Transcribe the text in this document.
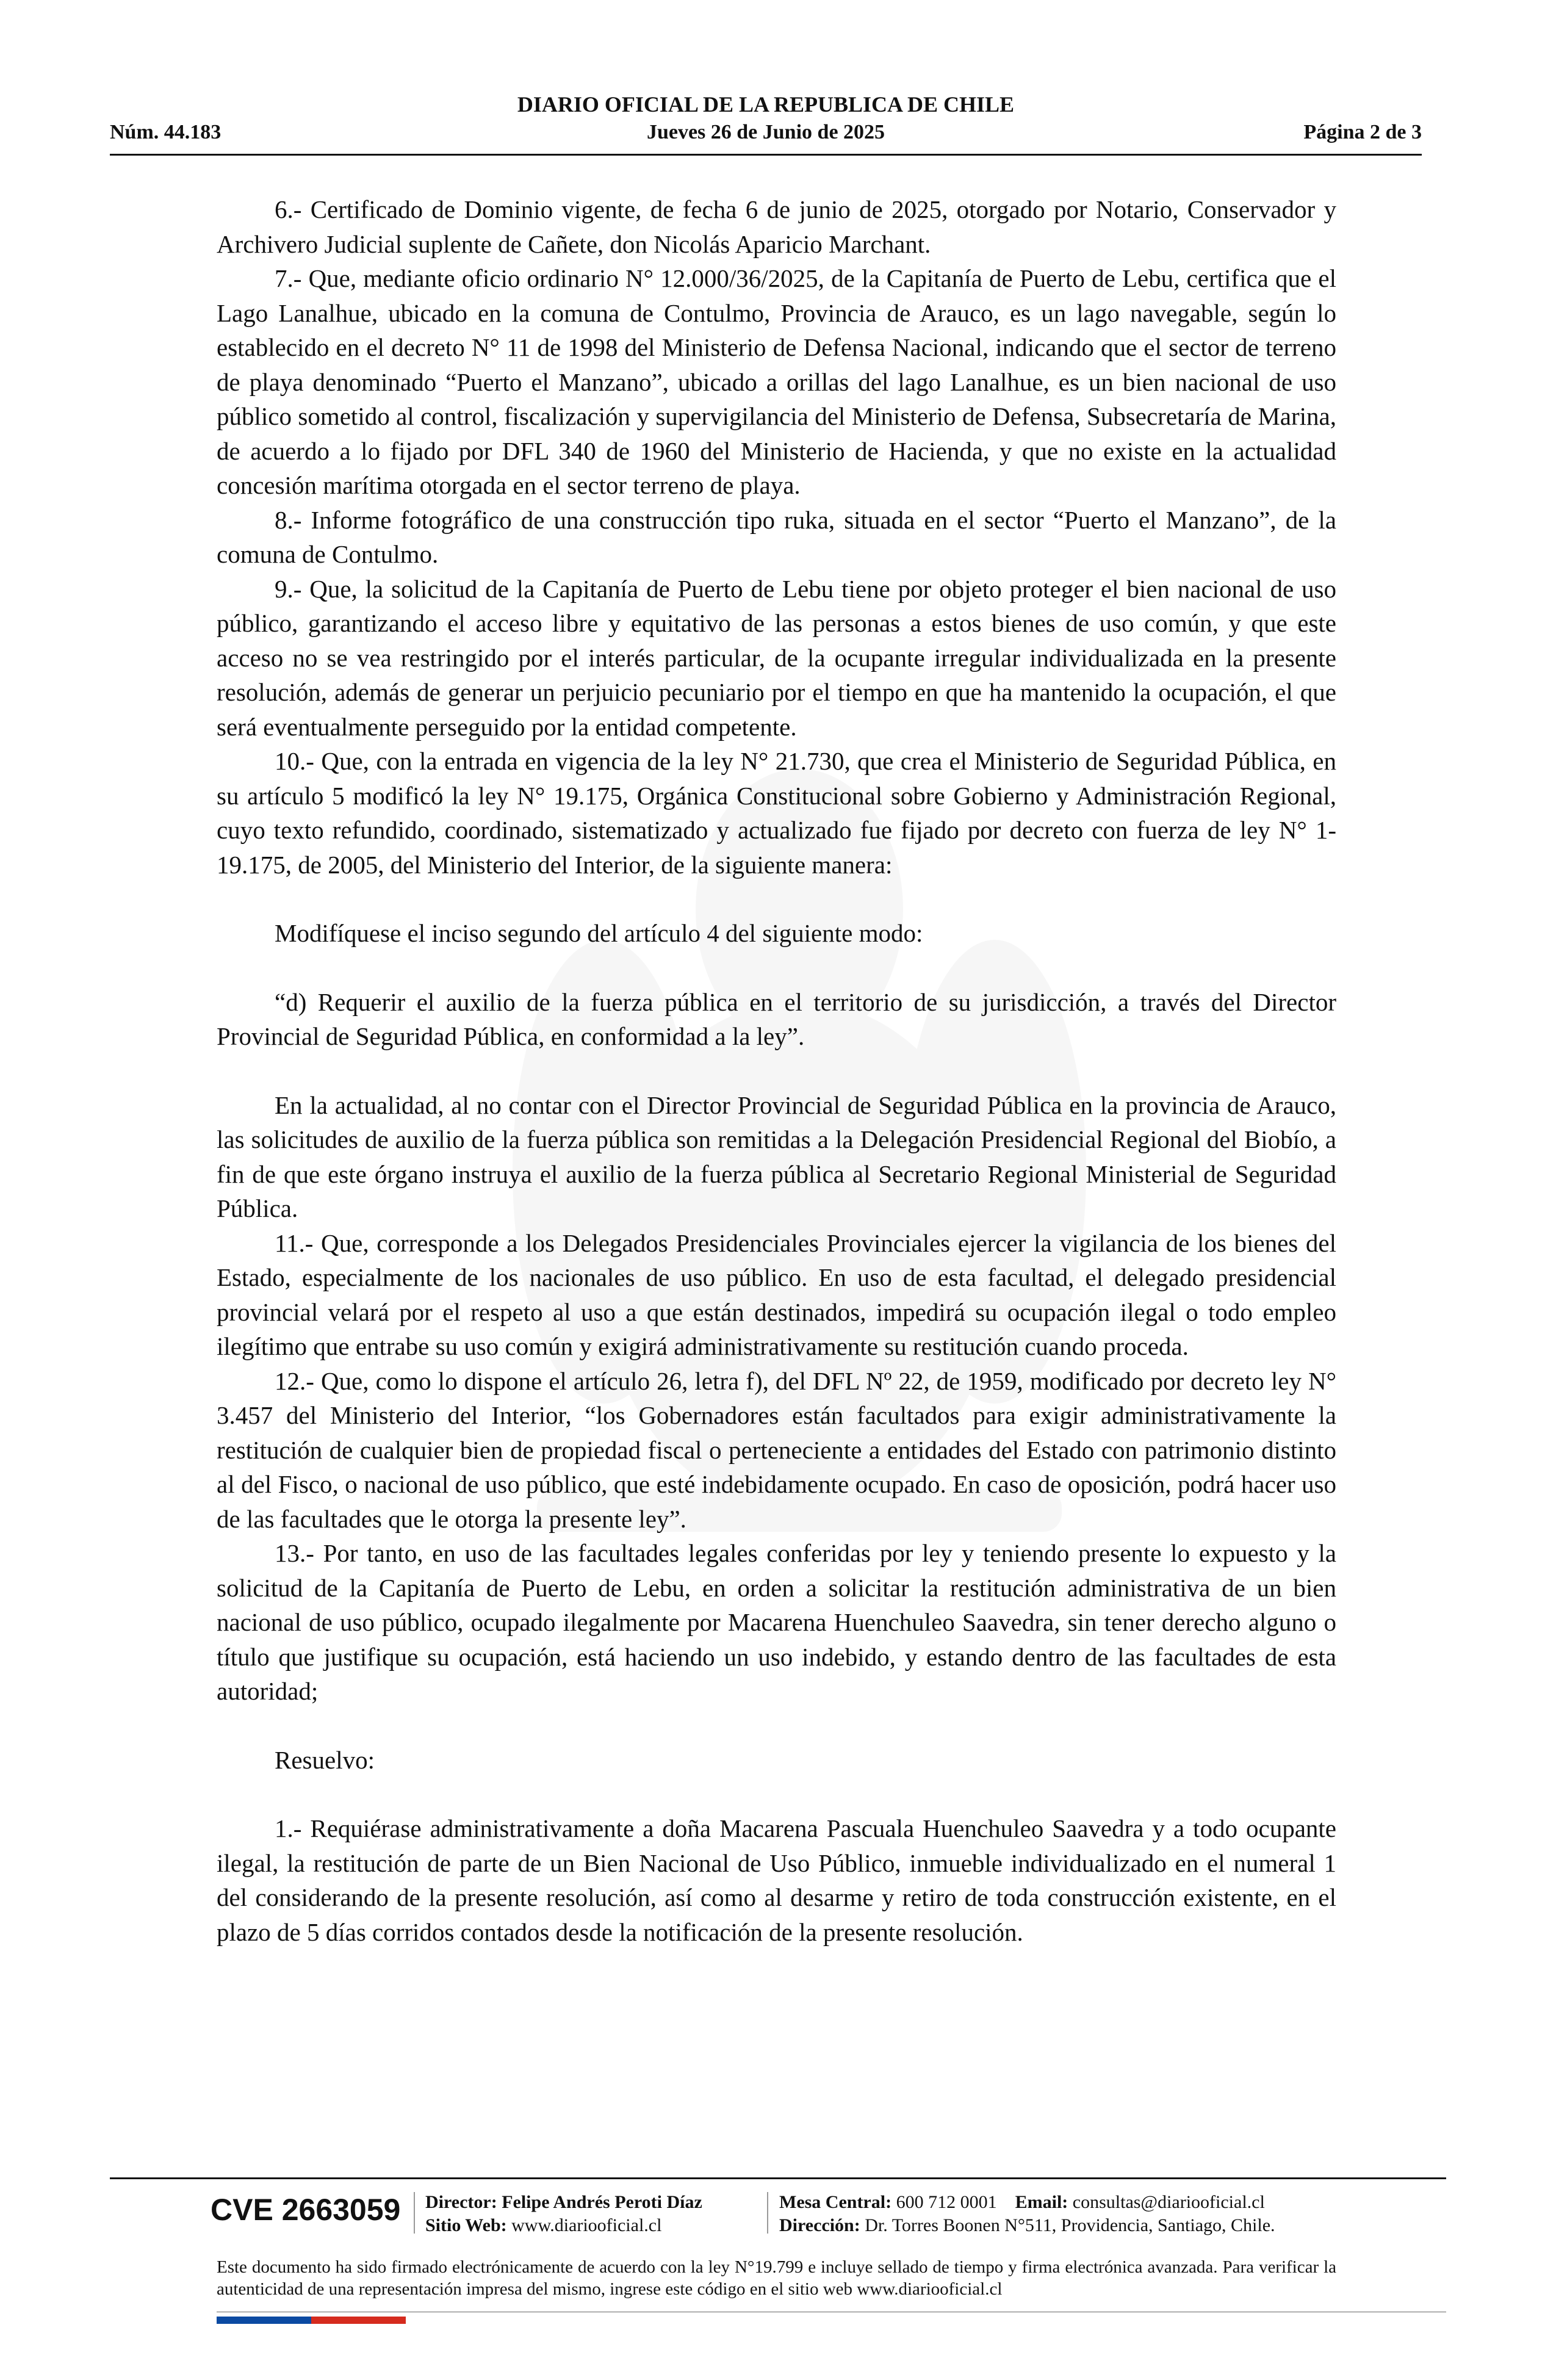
DIARIO OFICIAL DE LA REPUBLICA DE CHILE
Núm. 44.183	Jueves 26 de Junio de 2025	Página 2 de 3

6.- Certificado de Dominio vigente, de fecha 6 de junio de 2025, otorgado por Notario, Conservador y Archivero Judicial suplente de Cañete, don Nicolás Aparicio Marchant.

7.- Que, mediante oficio ordinario N° 12.000/36/2025, de la Capitanía de Puerto de Lebu, certifica que el Lago Lanalhue, ubicado en la comuna de Contulmo, Provincia de Arauco, es un lago navegable, según lo establecido en el decreto N° 11 de 1998 del Ministerio de Defensa Nacional, indicando que el sector de terreno de playa denominado “Puerto el Manzano”, ubicado a orillas del lago Lanalhue, es un bien nacional de uso público sometido al control, fiscalización y supervigilancia del Ministerio de Defensa, Subsecretaría de Marina, de acuerdo a lo fijado por DFL 340 de 1960 del Ministerio de Hacienda, y que no existe en la actualidad concesión marítima otorgada en el sector terreno de playa.

8.- Informe fotográfico de una construcción tipo ruka, situada en el sector “Puerto el Manzano”, de la comuna de Contulmo.

9.- Que, la solicitud de la Capitanía de Puerto de Lebu tiene por objeto proteger el bien nacional de uso público, garantizando el acceso libre y equitativo de las personas a estos bienes de uso común, y que este acceso no se vea restringido por el interés particular, de la ocupante irregular individualizada en la presente resolución, además de generar un perjuicio pecuniario por el tiempo en que ha mantenido la ocupación, el que será eventualmente perseguido por la entidad competente.

10.- Que, con la entrada en vigencia de la ley N° 21.730, que crea el Ministerio de Seguridad Pública, en su artículo 5 modificó la ley N° 19.175, Orgánica Constitucional sobre Gobierno y Administración Regional, cuyo texto refundido, coordinado, sistematizado y actualizado fue fijado por decreto con fuerza de ley N° 1-19.175, de 2005, del Ministerio del Interior, de la siguiente manera:

Modifíquese el inciso segundo del artículo 4 del siguiente modo:

“d) Requerir el auxilio de la fuerza pública en el territorio de su jurisdicción, a través del Director Provincial de Seguridad Pública, en conformidad a la ley”.

En la actualidad, al no contar con el Director Provincial de Seguridad Pública en la provincia de Arauco, las solicitudes de auxilio de la fuerza pública son remitidas a la Delegación Presidencial Regional del Biobío, a fin de que este órgano instruya el auxilio de la fuerza pública al Secretario Regional Ministerial de Seguridad Pública.

11.- Que, corresponde a los Delegados Presidenciales Provinciales ejercer la vigilancia de los bienes del Estado, especialmente de los nacionales de uso público. En uso de esta facultad, el delegado presidencial provincial velará por el respeto al uso a que están destinados, impedirá su ocupación ilegal o todo empleo ilegítimo que entrabe su uso común y exigirá administrativamente su restitución cuando proceda.

12.- Que, como lo dispone el artículo 26, letra f), del DFL Nº 22, de 1959, modificado por decreto ley N° 3.457 del Ministerio del Interior, “los Gobernadores están facultados para exigir administrativamente la restitución de cualquier bien de propiedad fiscal o perteneciente a entidades del Estado con patrimonio distinto al del Fisco, o nacional de uso público, que esté indebidamente ocupado. En caso de oposición, podrá hacer uso de las facultades que le otorga la presente ley”.

13.- Por tanto, en uso de las facultades legales conferidas por ley y teniendo presente lo expuesto y la solicitud de la Capitanía de Puerto de Lebu, en orden a solicitar la restitución administrativa de un bien nacional de uso público, ocupado ilegalmente por Macarena Huenchuleo Saavedra, sin tener derecho alguno o título que justifique su ocupación, está haciendo un uso indebido, y estando dentro de las facultades de esta autoridad;

Resuelvo:

1.- Requiérase administrativamente a doña Macarena Pascuala Huenchuleo Saavedra y a todo ocupante ilegal, la restitución de parte de un Bien Nacional de Uso Público, inmueble individualizado en el numeral 1 del considerando de la presente resolución, así como al desarme y retiro de toda construcción existente, en el plazo de 5 días corridos contados desde la notificación de la presente resolución.

CVE 2663059 Director: Felipe Andrés Peroti Díaz
Sitio Web: www.diariooficial.cl
Mesa Central: 600 712 0001 Email: consultas@diariooficial.cl
Dirección: Dr. Torres Boonen N°511, Providencia, Santiago, Chile.
Este documento ha sido firmado electrónicamente de acuerdo con la ley N°19.799 e incluye sellado de tiempo y firma electrónica avanzada. Para verificar la autenticidad de una representación impresa del mismo, ingrese este código en el sitio web www.diariooficial.cl
